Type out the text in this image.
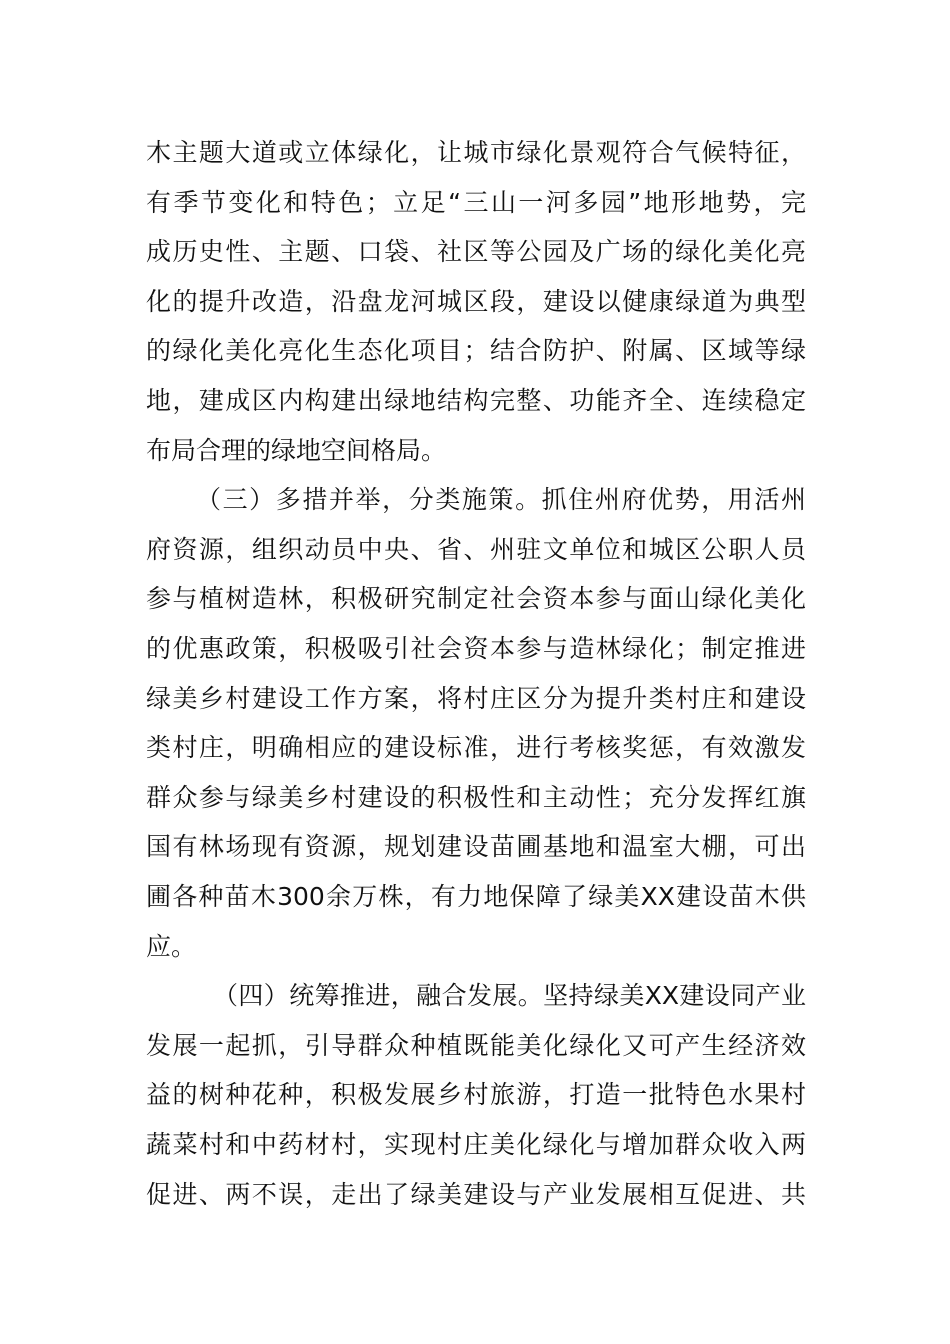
木主题大道或立体绿化，让城市绿化景观符合气候特征，
有季节变化和特色；立足“三山一河多园”地形地势，完
成历史性、主题、口袋、社区等公园及广场的绿化美化亮
化的提升改造，沿盘龙河城区段，建设以健康绿道为典型
的绿化美化亮化生态化项目；结合防护、附属、区域等绿
地，建成区内构建出绿地结构完整、功能齐全、连续稳定
布局合理的绿地空间格局。
（三）多措并举，分类施策。抓住州府优势，用活州
府资源，组织动员中央、省、州驻文单位和城区公职人员
参与植树造林，积极研究制定社会资本参与面山绿化美化
的优惠政策，积极吸引社会资本参与造林绿化；制定推进
绿美乡村建设工作方案，将村庄区分为提升类村庄和建设
类村庄，明确相应的建设标准，进行考核奖惩，有效激发
群众参与绿美乡村建设的积极性和主动性；充分发挥红旗
国有林场现有资源，规划建设苗圃基地和温室大棚，可出
圃各种苗木300余万株，有力地保障了绿美XX建设苗木供
应。
（四）统筹推进，融合发展。坚持绿美XX建设同产业
发展一起抓，引导群众种植既能美化绿化又可产生经济效
益的树种花种，积极发展乡村旅游，打造一批特色水果村
蔬菜村和中药材村，实现村庄美化绿化与增加群众收入两
促进、两不误，走出了绿美建设与产业发展相互促进、共
